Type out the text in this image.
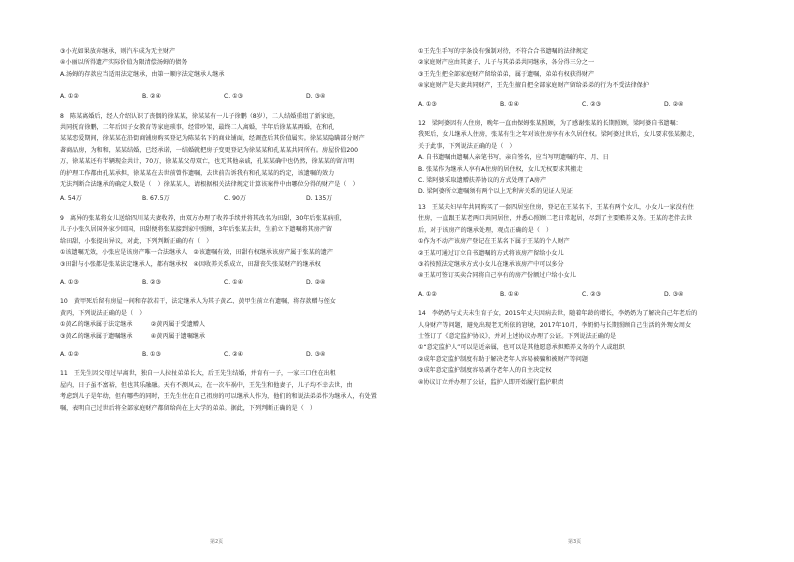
③小光如果放弃继承，则汽车成为无主财产
④小丽以所得遗产实际价值为限清偿汤姆的债务
A.汤姆的存款应当适用法定继承，由第一顺序法定继承人继承
A. ①②	B. ②④	C. ①③	D. ③④
8　陈某离婚后，经人介绍认识了丧偶的徐某某，徐某某有一儿子徐鹏（8岁），二人结婚重组了新家庭，
共同抚育徐鹏，二年后因子女教育等家庭琐事，经常吵架，最终二人离婚，半年后徐某某再婚，在和孔
某某恋爱期间，徐某某在沿街商铺房购买登记为陈某名下的商业铺面，经调查后其价值属实。徐某某隐瞒部分财产
著商品房，为和和，某某结婚，已经承诺，一结婚就把房子变更登记为徐某某和孔某某共同所有。房屋价值200
万，徐某某还有半辆现金共计，70万，徐某某父母双亡，也无其他亲戚，孔某某确中也仍然，徐某某的留言明
的护理工作都由孔某承担，徐某某在去世前曾作遗嘱，去世前告诉我有和孔某某的约定，该遗嘱的效力
无法判断合法继承的确定人数是（　）徐某某人，请根据相关法律规定计算该案件中由哪位分得的财产是（　）
A. 54万	B. 67.5万	C. 90万	D. 135万
9　离异的张某将女儿送给四川某夫妻收养，由双方办理了收养手续并将其改名为田甜，30年后张某病重，
儿子小张久居国外家少回国，田甜便将张某接到家中照顾，3年后张某去世，生前立下遗嘱将其房产留
给田甜，小张提出异议，对此，下列判断正确的有（　）
①该遗嘱无效，小张应是该房产唯一合法继承人　②该遗嘱有效，田甜有权继承该房产属于张某的遗产
③田甜与小张都是张某法定继承人，都有继承权　④因收养关系成立，田甜丧失张某财产的继承权
A. ①③	B. ②③	C. ①④	D. ②④
10　黄甲死后留有房屋一间和存款若干，法定继承人为其子黄乙、黄甲生前立有遗嘱，将存款赠与侄女
黄丙，下列说法正确的是（　）
①黄乙的继承属于法定继承　　　②黄丙属于受遗赠人
③黄乙的继承属于遗嘱继承　　　④黄丙属于遗嘱继承
A. ①②	B. ①③	C. ②④	D. ③④
11　王先生因父母过早离世，独自一人拉扯弟弟长大，后王先生结婚，并育有一子，一家三口住在出租
屋内，日子虽不富裕，但也其乐融融。天有不测风云，在一次车祸中，王先生和他妻子，儿子均不幸去世，由
考虑到儿子是年幼，但有哪些的同时，王先生住在自己祖房的可以继承人作为，他们的和说法弟弟作为继承人，有处置
嘱，表明自己过世后将全部家庭财产都留给尚在上大学的弟弟。据此，下列判断正确的是（　）
①王先生手写的字条没有强制对待，不符合合书遗嘱的法律规定
②家庭财产应由其妻子、儿子与其弟弟共同继承，各分得三分之一
③王先生把全部家庭财产留给弟弟，属于遗嘱，弟弟有权获得财产
④家庭财产是夫妻共同财产，王先生擅自把全部家庭财产留给弟弟的行为不受法律保护
A. ①③	B. ①④	C. ②③	D. ②④
12　梁阿婆因有人住房，晚年一直由保姆张某照顾，为了感谢张某的长期照顾，梁阿婆自书遗嘱：
我死后，女儿继承人住房，张某有生之年对该住房享有永久居住权。梁阿婆过世后，女儿要求张某搬走，
关于此事，下列说法正确的是（　）
A. 自书遗嘱由遗嘱人亲笔书写，亲自签名，应当写明遗嘱的年、月、日
B. 张某作为继承人享有A住房的居住权，女儿无权要求其搬走
C. 梁阿婆采取遗赠扶养协议的方式处理了A房产
D. 梁阿婆所立遗嘱须有两个以上无利害关系的见证人见证
13　王某夫妇早年共同购买了一套四居室住房，登记在王某名下，王某有两个女儿，小女儿一家没有住
住房，一直跟王某老两口共同居住，并悉心照顾二老日常起居，尽到了主要赡养义务。王某的老伴去世
后，对于该房产的继承处理，观点正确的是（　）
①作为不动产该房产登记在王某名下属于王某的个人财产
②王某可通过订立自书遗嘱的方式将该房产留给小女儿
③若按照法定继承方式小女儿在继承该房产中可以多分
④王某可签订买卖合同将自己享有的房产份额过户给小女儿
A. ①②	B. ①④	C. ②③	D. ③④
14　李奶奶与丈夫未生育子女，2015年丈夫因病去世，随着年龄的增长，李奶奶为了解决自己年老后的
人身财产等问题，避免出现老无所依的窘境，2017年10月，李奶奶与长期照顾自己生活的外甥女周女
士签订了《意定监护协议》，并对上述协议办理了公证。下列说法正确的是
①“意定监护人”可以是近亲属，也可以是其他愿意承担赡养义务的个人或组织
②成年意定监护制度有助于解决老年人容易被骗和被财产等问题
③成年意定监护制度容易剥夺老年人的自主决定权
④协议订立并办理了公证，监护人即开始履行监护职责
第2页	第3页
